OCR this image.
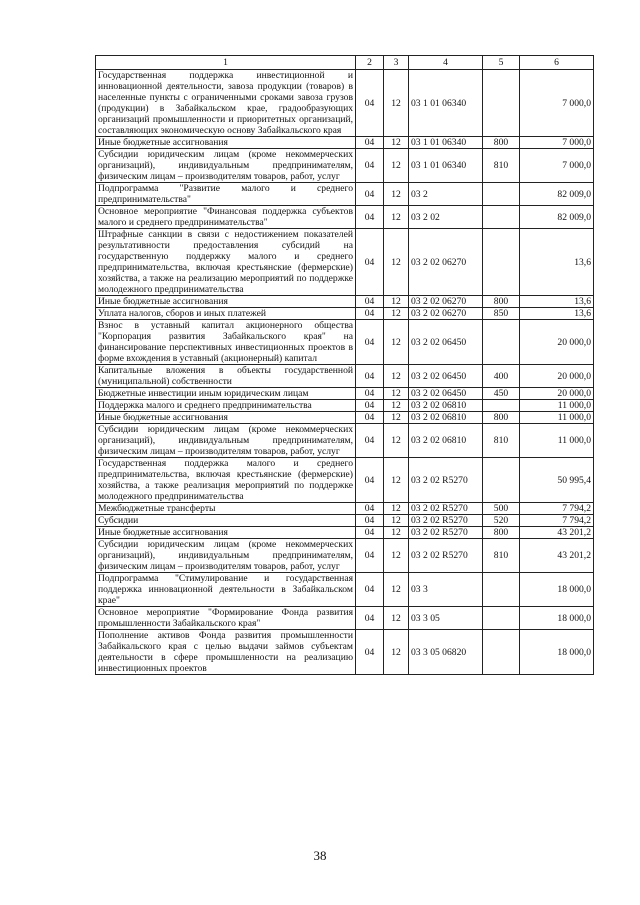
1	2	3	4	5	6
Государственная поддержка инвестиционной и инновационной деятельности, завоза продукции (товаров) в населенные пункты с ограниченными сроками завоза грузов (продукции) в Забайкальском крае, градообразующих организаций промышленности и приоритетных организаций, составляющих экономическую основу Забайкальского края	04	12	03 1 01 06340		7 000,0
Иные бюджетные ассигнования	04	12	03 1 01 06340	800	7 000,0
Субсидии юридическим лицам (кроме некоммерческих организаций), индивидуальным предпринимателям, физическим лицам – производителям товаров, работ, услуг	04	12	03 1 01 06340	810	7 000,0
Подпрограмма "Развитие малого и среднего предпринимательства"	04	12	03 2		82 009,0
Основное мероприятие "Финансовая поддержка субъектов малого и среднего предпринимательства"	04	12	03 2 02		82 009,0
Штрафные санкции в связи с недостижением показателей результативности предоставления субсидий на государственную поддержку малого и среднего предпринимательства, включая крестьянские (фермерские) хозяйства, а также на реализацию мероприятий по поддержке молодежного предпринимательства	04	12	03 2 02 06270		13,6
Иные бюджетные ассигнования	04	12	03 2 02 06270	800	13,6
Уплата налогов, сборов и иных платежей	04	12	03 2 02 06270	850	13,6
Взнос в уставный капитал акционерного общества "Корпорация развития Забайкальского края" на финансирование перспективных инвестиционных проектов в форме вхождения в уставный (акционерный) капитал	04	12	03 2 02 06450		20 000,0
Капитальные вложения в объекты государственной (муниципальной) собственности	04	12	03 2 02 06450	400	20 000,0
Бюджетные инвестиции иным юридическим лицам	04	12	03 2 02 06450	450	20 000,0
Поддержка малого и среднего предпринимательства	04	12	03 2 02 06810		11 000,0
Иные бюджетные ассигнования	04	12	03 2 02 06810	800	11 000,0
Субсидии юридическим лицам (кроме некоммерческих организаций), индивидуальным предпринимателям, физическим лицам – производителям товаров, работ, услуг	04	12	03 2 02 06810	810	11 000,0
Государственная поддержка малого и среднего предпринимательства, включая крестьянские (фермерские) хозяйства, а также реализация мероприятий по поддержке молодежного предпринимательства	04	12	03 2 02 R5270		50 995,4
Межбюджетные трансферты	04	12	03 2 02 R5270	500	7 794,2
Субсидии	04	12	03 2 02 R5270	520	7 794,2
Иные бюджетные ассигнования	04	12	03 2 02 R5270	800	43 201,2
Субсидии юридическим лицам (кроме некоммерческих организаций), индивидуальным предпринимателям, физическим лицам – производителям товаров, работ, услуг	04	12	03 2 02 R5270	810	43 201,2
Подпрограмма "Стимулирование и государственная поддержка инновационной деятельности в Забайкальском крае"	04	12	03 3		18 000,0
Основное мероприятие "Формирование Фонда развития промышленности Забайкальского края"	04	12	03 3 05		18 000,0
Пополнение активов Фонда развития промышленности Забайкальского края с целью выдачи займов субъектам деятельности в сфере промышленности на реализацию инвестиционных проектов	04	12	03 3 05 06820		18 000,0
38
